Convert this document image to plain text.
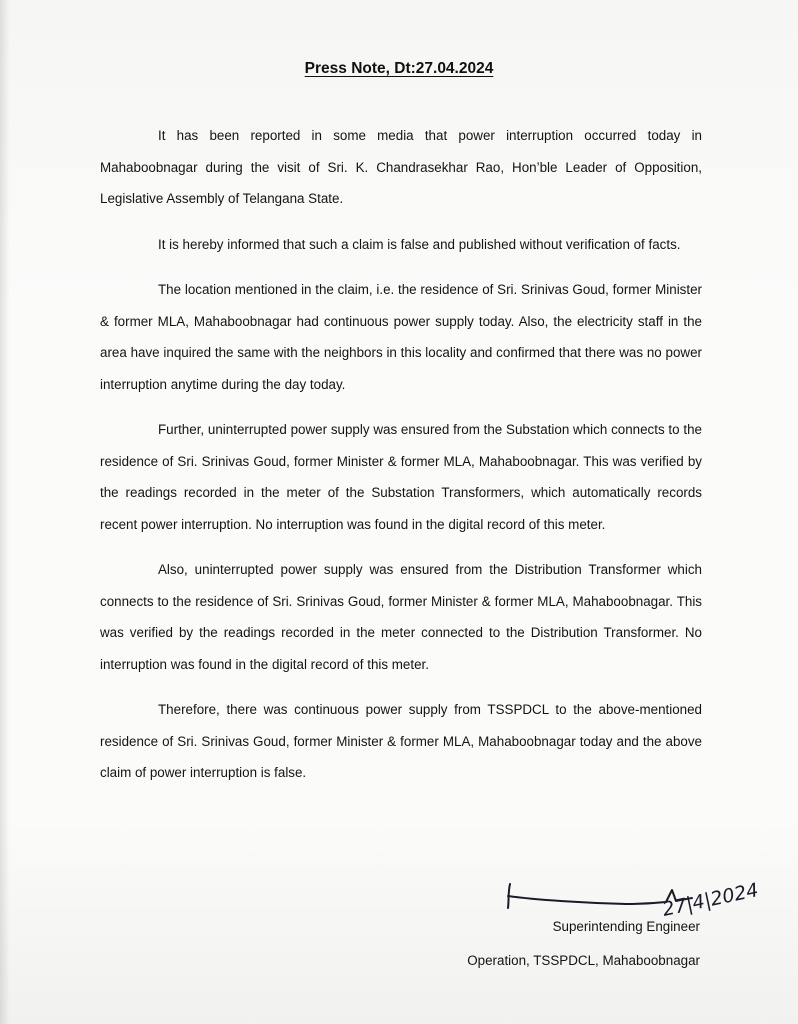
Press Note, Dt:27.04.2024

It has been reported in some media that power interruption occurred today in Mahaboobnagar during the visit of Sri. K. Chandrasekhar Rao, Hon’ble Leader of Opposition, Legislative Assembly of Telangana State.

It is hereby informed that such a claim is false and published without verification of facts.

The location mentioned in the claim, i.e. the residence of Sri. Srinivas Goud, former Minister & former MLA, Mahaboobnagar had continuous power supply today. Also, the electricity staff in the area have inquired the same with the neighbors in this locality and confirmed that there was no power interruption anytime during the day today.

Further, uninterrupted power supply was ensured from the Substation which connects to the residence of Sri. Srinivas Goud, former Minister & former MLA, Mahaboobnagar. This was verified by the readings recorded in the meter of the Substation Transformers, which automatically records recent power interruption. No interruption was found in the digital record of this meter.

Also, uninterrupted power supply was ensured from the Distribution Transformer which connects to the residence of Sri. Srinivas Goud, former Minister & former MLA, Mahaboobnagar. This was verified by the readings recorded in the meter connected to the Distribution Transformer. No interruption was found in the digital record of this meter.

Therefore, there was continuous power supply from TSSPDCL to the above-mentioned residence of Sri. Srinivas Goud, former Minister & former MLA, Mahaboobnagar today and the above claim of power interruption is false.

27|4|2024
Superintending Engineer
Operation, TSSPDCL, Mahaboobnagar
